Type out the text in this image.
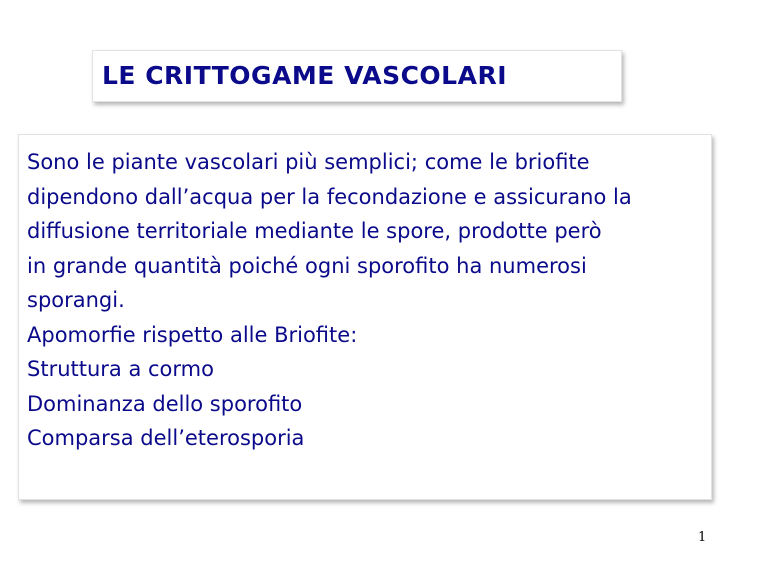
LE CRITTOGAME VASCOLARI
Sono le piante vascolari più semplici; come le briofite
dipendono dall’acqua per la fecondazione e assicurano la
diffusione territoriale mediante le spore, prodotte però
in grande quantità poiché ogni sporofito ha numerosi
sporangi.
Apomorfie rispetto alle Briofite:
Struttura a cormo
Dominanza dello sporofito
Comparsa dell’eterosporia
1
